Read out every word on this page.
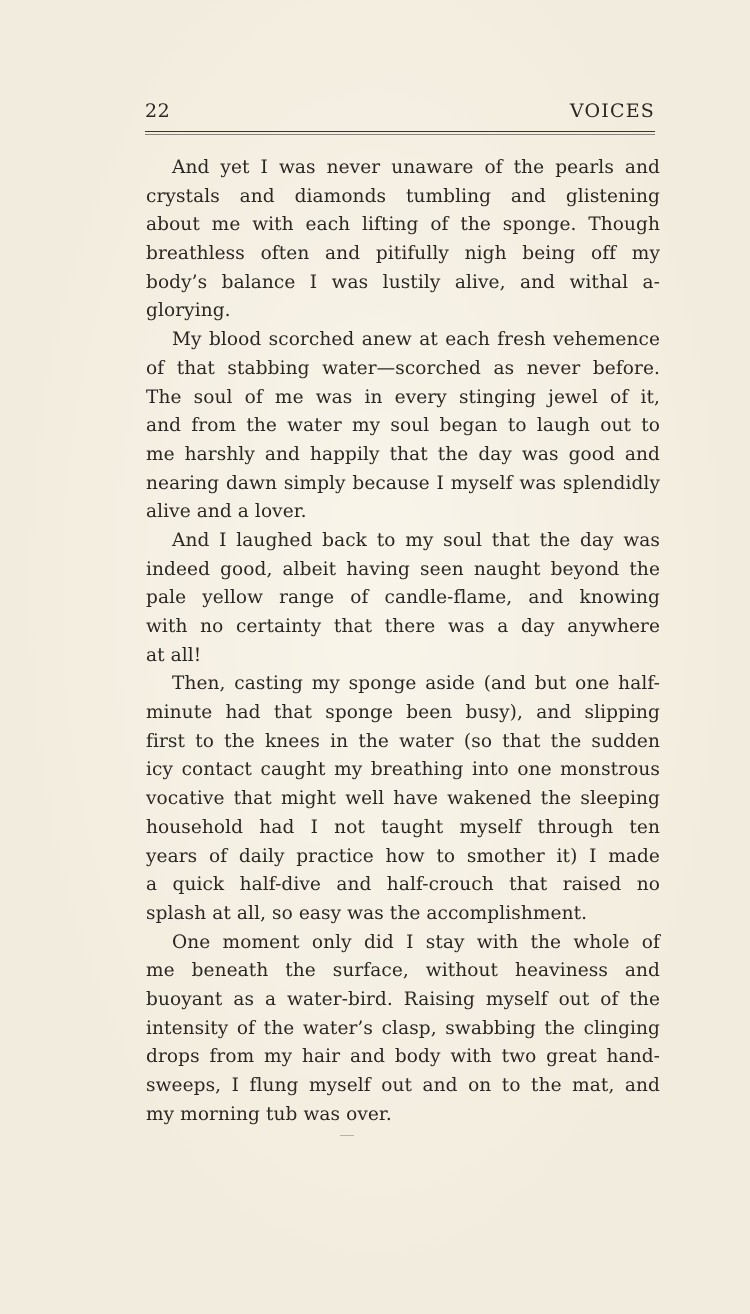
22	VOICES
And yet I was never unaware of the pearls and
crystals and diamonds tumbling and glistening
about me with each lifting of the sponge. Though
breathless often and pitifully nigh being off my
body’s balance I was lustily alive, and withal a-
glorying.
My blood scorched anew at each fresh vehemence
of that stabbing water—scorched as never before.
The soul of me was in every stinging jewel of it,
and from the water my soul began to laugh out to
me harshly and happily that the day was good and
nearing dawn simply because I myself was splendidly
alive and a lover.
And I laughed back to my soul that the day was
indeed good, albeit having seen naught beyond the
pale yellow range of candle-flame, and knowing
with no certainty that there was a day anywhere
at all!
Then, casting my sponge aside (and but one half-
minute had that sponge been busy), and slipping
first to the knees in the water (so that the sudden
icy contact caught my breathing into one monstrous
vocative that might well have wakened the sleeping
household had I not taught myself through ten
years of daily practice how to smother it) I made
a quick half-dive and half-crouch that raised no
splash at all, so easy was the accomplishment.
One moment only did I stay with the whole of
me beneath the surface, without heaviness and
buoyant as a water-bird. Raising myself out of the
intensity of the water’s clasp, swabbing the clinging
drops from my hair and body with two great hand-
sweeps, I flung myself out and on to the mat, and
my morning tub was over.
